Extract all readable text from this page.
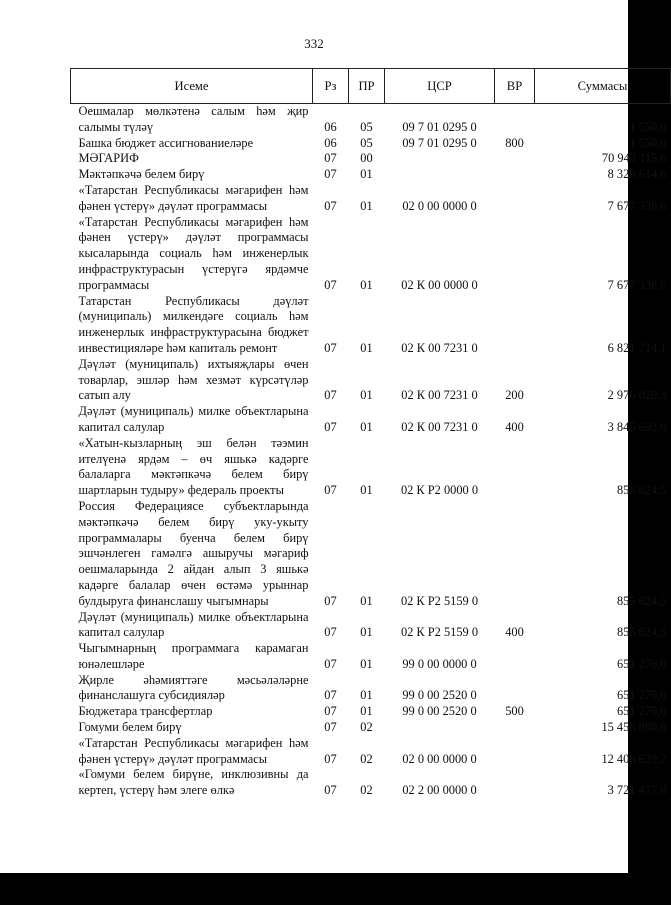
332
Исеме	Рз	ПР	ЦСР	ВР	Суммасы
Оешмалар мөлкәтенә салым һәм җир салымы түләү	06	05	09 7 01 0295 0		1 550,0
Башка бюджет ассигнованиеләре	06	05	09 7 01 0295 0	800	1 550,0
МӘГАРИФ	07	00			70 943 115,6
Мәктәпкәчә белем бирү	07	01			8 328 614,6
«Татарстан Республикасы мәгарифен һәм фәнен үстерү» дәүләт программасы	07	01	02 0 00 0000 0		7 677 338,6
«Татарстан Республикасы мәгарифен һәм фәнен үстерү» дәүләт программасы кысаларында социаль һәм инженерлык инфраструктурасын үстерүгә ярдәмче программасы	07	01	02 К 00 0000 0		7 677 338,6
Татарстан Республикасы дәүләт (муниципаль) милкендәге социаль һәм инженерлык инфраструктурасына бюджет инвестицияләре һәм капиталь ремонт	07	01	02 К 00 7231 0		6 821 714,1
Дәүләт (муниципаль) ихтыяҗлары өчен товарлар, эшләр һәм хезмәт күрсәтүләр сатып алу	07	01	02 К 00 7231 0	200	2 976 020,3
Дәүләт (муниципаль) милке объектларына капитал салулар	07	01	02 К 00 7231 0	400	3 845 693,8
«Хатын-кызларның эш белән тәэмин ителүенә ярдәм – өч яшькә кадәрге балаларга мәктәпкәчә белем бирү шартларын тудыру» федераль проекты	07	01	02 К Р2 0000 0		855 624,5
Россия Федерациясе субъектларында мәктәпкәчә белем бирү уку-укыту программалары буенча белем бирү эшчәнлеген гамәлгә ашыручы мәгариф оешмаларында 2 айдан алып 3 яшькә кадәрге балалар өчен өстәмә урыннар булдыруга финанслашу чыгымнары	07	01	02 К Р2 5159 0		855 624,5
Дәүләт (муниципаль) милке объектларына капитал салулар	07	01	02 К Р2 5159 0	400	855 624,5
Чыгымнарның программага карамаган юнәлешләре	07	01	99 0 00 0000 0		651 276,0
Җирле әһәмияттәге мәсьәләләрне финанслашуга субсидияләр	07	01	99 0 00 2520 0		651 276,0
Бюджетара трансфертлар	07	01	99 0 00 2520 0	500	651 276,0
Гомуми белем бирү	07	02			15 456 880,8
«Татарстан Республикасы мәгарифен һәм фәнен үстерү» дәүләт программасы	07	02	02 0 00 0000 0		12 406 639,2
«Гомуми белем бирүне, инклюзивны да кертеп, үстерү һәм элеге өлкә	07	02	02 2 00 0000 0		3 721 417,8
